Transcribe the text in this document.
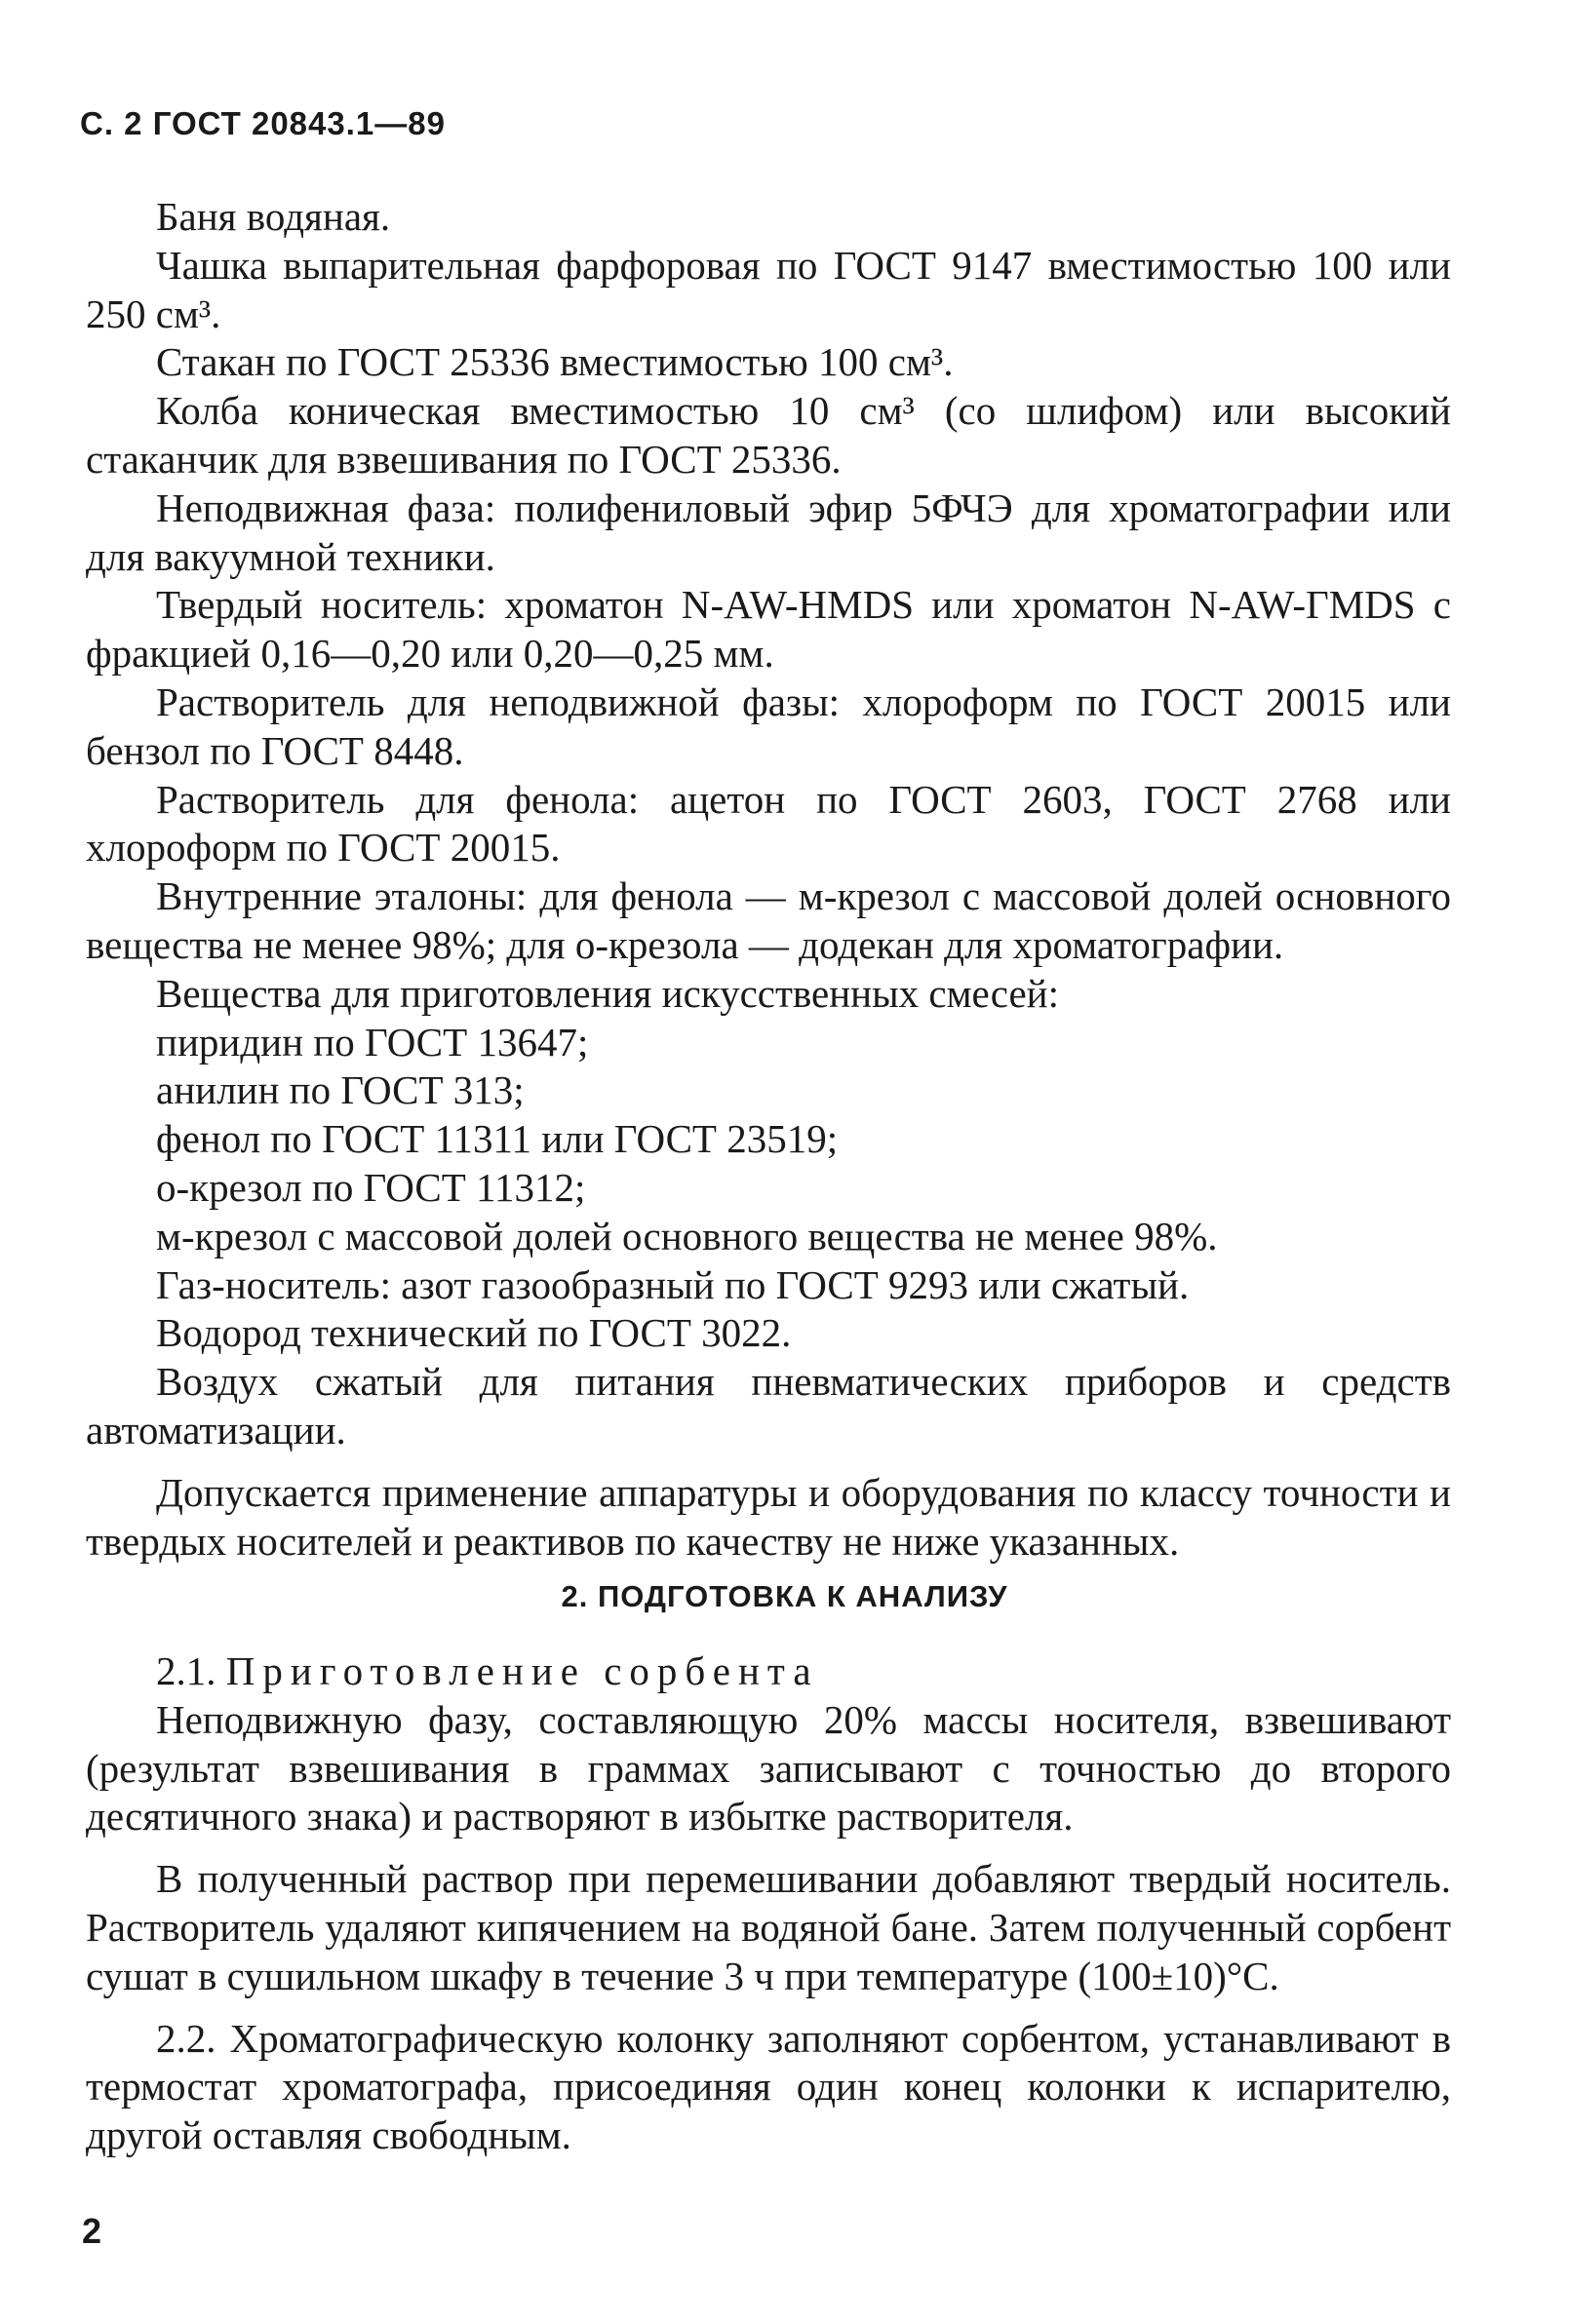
С. 2 ГОСТ 20843.1—89

Баня водяная.

Чашка выпарительная фарфоровая по ГОСТ 9147 вместимостью 100 или 250 см³.

Стакан по ГОСТ 25336 вместимостью 100 см³.

Колба коническая вместимостью 10 см³ (со шлифом) или высокий стаканчик для взвешивания по ГОСТ 25336.

Неподвижная фаза: полифениловый эфир 5ФЧЭ для хроматографии или для вакуумной техники.

Твердый носитель: хроматон N-AW-HMDS или хроматон N-AW-ГMDS с фракцией 0,16—0,20 или 0,20—0,25 мм.

Растворитель для неподвижной фазы: хлороформ по ГОСТ 20015 или бензол по ГОСТ 8448.

Растворитель для фенола: ацетон по ГОСТ 2603, ГОСТ 2768 или хлороформ по ГОСТ 20015.

Внутренние эталоны: для фенола — м-крезол с массовой долей основного вещества не менее 98%; для о-крезола — додекан для хроматографии.

Вещества для приготовления искусственных смесей:

пиридин по ГОСТ 13647;

анилин по ГОСТ 313;

фенол по ГОСТ 11311 или ГОСТ 23519;

о-крезол по ГОСТ 11312;

м-крезол с массовой долей основного вещества не менее 98%.

Газ-носитель: азот газообразный по ГОСТ 9293 или сжатый.

Водород технический по ГОСТ 3022.

Воздух сжатый для питания пневматических приборов и средств автоматизации.

Допускается применение аппаратуры и оборудования по классу точности и твердых носителей и реактивов по качеству не ниже указанных.

2. ПОДГОТОВКА К АНАЛИЗУ

2.1. Приготовление сорбента

Неподвижную фазу, составляющую 20% массы носителя, взвешивают (результат взвешивания в граммах записывают с точностью до второго десятичного знака) и растворяют в избытке растворителя.

В полученный раствор при перемешивании добавляют твердый носитель. Растворитель удаляют кипячением на водяной бане. Затем полученный сорбент сушат в сушильном шкафу в течение 3 ч при температуре (100±10)°С.

2.2. Хроматографическую колонку заполняют сорбентом, устанавливают в термостат хроматографа, присоединяя один конец колонки к испарителю, другой оставляя свободным.

2
